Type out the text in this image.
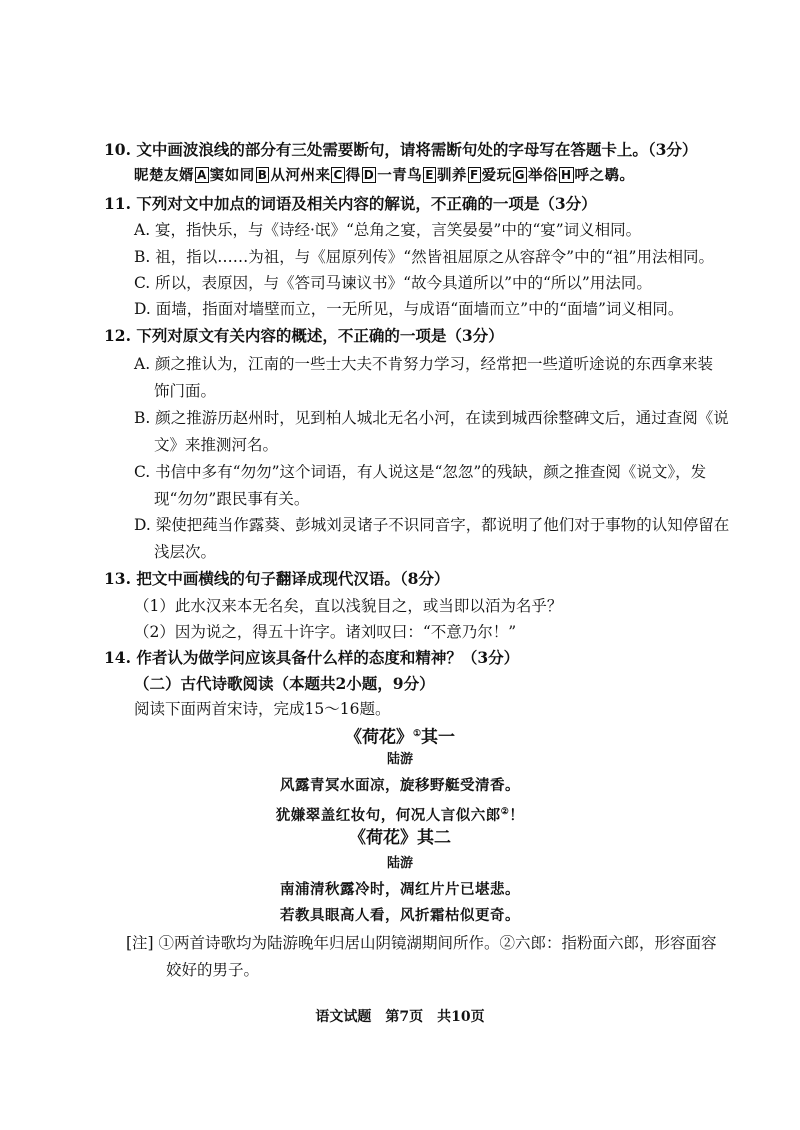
10. 文中画波浪线的部分有三处需要断句，请将需断句处的字母写在答题卡上。（3分）
昵楚友婿 A 窦如同 B 从河州来 C 得 D 一青鸟 E 驯养 F 爱玩 G 举俗 H 呼之鹖。
11. 下列对文中加点的词语及相关内容的解说，不正确的一项是（3分）
A. 宴，指快乐，与《诗经·氓》“总角之宴，言笑晏晏”中的“宴”词义相同。
B. 祖，指以……为祖，与《屈原列传》“然皆祖屈原之从容辞令”中的“祖”用法相同。
C. 所以，表原因，与《答司马谏议书》“故今具道所以”中的“所以”用法同。
D. 面墙，指面对墙壁而立，一无所见，与成语“面墙而立”中的“面墙”词义相同。
12. 下列对原文有关内容的概述，不正确的一项是（3分）
A. 颜之推认为，江南的一些士大夫不肯努力学习，经常把一些道听途说的东西拿来装
饰门面。
B. 颜之推游历赵州时，见到柏人城北无名小河，在读到城西徐整碑文后，通过查阅《说
文》来推测河名。
C. 书信中多有“勿勿”这个词语，有人说这是“忽忽”的残缺，颜之推查阅《说文》，发
现“勿勿”跟民事有关。
D. 梁使把莼当作露葵、彭城刘灵诸子不识同音字，都说明了他们对于事物的认知停留在
浅层次。
13. 把文中画横线的句子翻译成现代汉语。（8分）
（1）此水汉来本无名矣，直以浅貌目之，或当即以洦为名乎？
（2）因为说之，得五十许字。诸刘叹曰：“不意乃尔！”
14. 作者认为做学问应该具备什么样的态度和精神？（3分）
（二）古代诗歌阅读（本题共2小题，9分）
阅读下面两首宋诗，完成15～16题。
《荷花》①其一
陆游
风露青冥水面凉，旋移野艇受清香。
犹嫌翠盖红妆句，何况人言似六郎②！
《荷花》其二
陆游
南浦清秋露冷时，凋红片片已堪悲。
若教具眼高人看，风折霜枯似更奇。
[注] ①两首诗歌均为陆游晚年归居山阴镜湖期间所作。②六郎：指粉面六郎，形容面容
姣好的男子。
语文试题　第7页　共10页
